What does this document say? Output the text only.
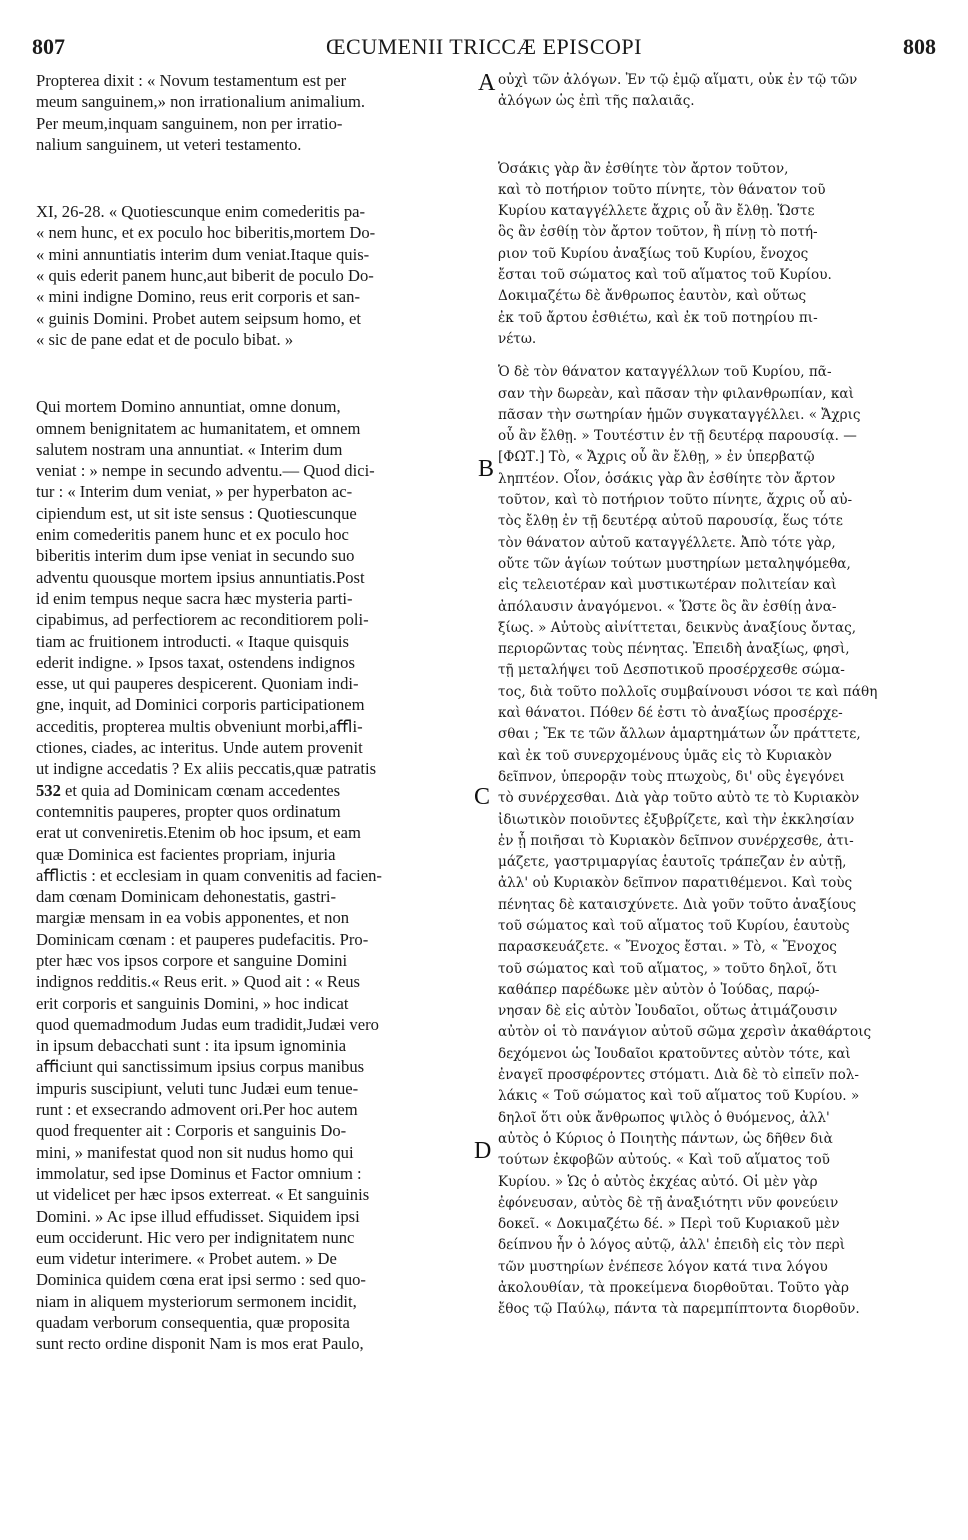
807	ŒCUMENII TRICCÆ EPISCOPI	808
A
B
C
D
Propterea dixit : « Novum testamentum est per
meum sanguinem,» non irrationalium animalium.
Per meum,inquam sanguinem, non per irratio-
nalium sanguinem, ut veteri testamento.
XI, 26-28. « Quotiescunque enim comederitis pa-
« nem hunc, et ex poculo hoc biberitis,mortem Do-
« mini annuntiatis interim dum veniat.Itaque quis-
« quis ederit panem hunc,aut biberit de poculo Do-
« mini indigne Domino, reus erit corporis et san-
« guinis Domini. Probet autem seipsum homo, et
« sic de pane edat et de poculo bibat. »
Qui mortem Domino annuntiat, omne donum,
omnem benignitatem ac humanitatem, et omnem
salutem nostram una annuntiat. « Interim dum
veniat : » nempe in secundo adventu.— Quod dici-
tur : « Interim dum veniat, » per hyperbaton ac-
cipiendum est, ut sit iste sensus : Quotiescunque
enim comederitis panem hunc et ex poculo hoc
biberitis interim dum ipse veniat in secundo suo
adventu quousque mortem ipsius annuntiatis.Post
id enim tempus neque sacra hæc mysteria parti-
cipabimus, ad perfectiorem ac reconditiorem poli-
tiam ac fruitionem introducti. « Itaque quisquis
ederit indigne. » Ipsos taxat, ostendens indignos
esse, ut qui pauperes despicerent. Quoniam indi-
gne, inquit, ad Dominici corporis participationem
acceditis, propterea multis obveniunt morbi,aﬄi-
ctiones, ciades, ac interitus. Unde autem provenit
ut indigne accedatis ? Ex aliis peccatis,quæ patratis
532 et quia ad Dominicam cœnam accedentes
contemnitis pauperes, propter quos ordinatum
erat ut conveniretis.Etenim ob hoc ipsum, et eam
quæ Dominica est facientes propriam, injuria
aﬄictis : et ecclesiam in quam convenitis ad facien-
dam cœnam Dominicam dehonestatis, gastri-
margiæ mensam in ea vobis apponentes, et non
Dominicam cœnam : et pauperes pudefacitis. Pro-
pter hæc vos ipsos corpore et sanguine Domini
indignos redditis.« Reus erit. » Quod ait : « Reus
erit corporis et sanguinis Domini, » hoc indicat
quod quemadmodum Judas eum tradidit,Judæi vero
in ipsum debacchati sunt : ita ipsum ignominia
aﬃciunt qui sanctissimum ipsius corpus manibus
impuris suscipiunt, veluti tunc Judæi eum tenue-
runt : et exsecrando admovent ori.Per hoc autem
quod frequenter ait : Corporis et sanguinis Do-
mini, » manifestat quod non sit nudus homo qui
immolatur, sed ipse Dominus et Factor omnium :
ut videlicet per hæc ipsos exterreat. « Et sanguinis
Domini. » Ac ipse illud effudisset. Siquidem ipsi
eum occiderunt. Hic vero per indignitatem nunc
eum videtur interimere. « Probet autem. » De
Dominica quidem cœna erat ipsi sermo : sed quo-
niam in aliquem mysteriorum sermonem incidit,
quadam verborum consequentia, quæ proposita
sunt recto ordine disponit Nam is mos erat Paulo,
οὐχὶ τῶν ἀλόγων. Ἐν τῷ ἐμῷ αἵματι, οὐκ ἐν τῷ τῶν
ἀλόγων ὡς ἐπὶ τῆς παλαιᾶς.
Ὁσάκις γὰρ ἂν ἐσθίητε τὸν ἄρτον τοῦτον,
καὶ τὸ ποτήριον τοῦτο πίνητε, τὸν θάνατον τοῦ
Κυρίου καταγγέλλετε ἄχρις οὗ ἂν ἔλθῃ. Ὥστε
ὃς ἂν ἐσθίῃ τὸν ἄρτον τοῦτον, ἢ πίνῃ τὸ ποτή-
ριον τοῦ Κυρίου ἀναξίως τοῦ Κυρίου, ἔνοχος
ἔσται τοῦ σώματος καὶ τοῦ αἵματος τοῦ Κυρίου.
Δοκιμαζέτω δὲ ἄνθρωπος ἑαυτὸν, καὶ οὕτως
ἐκ τοῦ ἄρτου ἐσθιέτω, καὶ ἐκ τοῦ ποτηρίου πι-
νέτω.
Ὁ δὲ τὸν θάνατον καταγγέλλων τοῦ Κυρίου, πᾶ-
σαν τὴν δωρεὰν, καὶ πᾶσαν τὴν φιλανθρωπίαν, καὶ
πᾶσαν τὴν σωτηρίαν ἡμῶν συγκαταγγέλλει. « Ἄχρις
οὗ ἂν ἔλθῃ. » Τουτέστιν ἐν τῇ δευτέρᾳ παρουσίᾳ. —
[ΦΩΤ.] Τὸ, « Ἄχρις οὗ ἂν ἔλθῃ, » ἐν ὑπερβατῷ
ληπτέον. Οἷον, ὁσάκις γὰρ ἂν ἐσθίητε τὸν ἄρτον
τοῦτον, καὶ τὸ ποτήριον τοῦτο πίνητε, ἄχρις οὗ αὐ-
τὸς ἔλθῃ ἐν τῇ δευτέρᾳ αὐτοῦ παρουσίᾳ, ἕως τότε
τὸν θάνατον αὐτοῦ καταγγέλλετε. Ἀπὸ τότε γὰρ,
οὔτε τῶν ἁγίων τούτων μυστηρίων μεταληψόμεθα,
εἰς τελειοτέραν καὶ μυστικωτέραν πολιτείαν καὶ
ἀπόλαυσιν ἀναγόμενοι. « Ὥστε ὃς ἂν ἐσθίῃ ἀνα-
ξίως. » Αὐτοὺς αἰνίττεται, δεικνὺς ἀναξίους ὄντας,
περιορῶντας τοὺς πένητας. Ἐπειδὴ ἀναξίως, φησὶ,
τῇ μεταλήψει τοῦ Δεσποτικοῦ προσέρχεσθε σώμα-
τος, διὰ τοῦτο πολλοῖς συμβαίνουσι νόσοι τε καὶ πάθη
καὶ θάνατοι. Πόθεν δέ ἐστι τὸ ἀναξίως προσέρχε-
σθαι ; Ἔκ τε τῶν ἄλλων ἁμαρτημάτων ὧν πράττετε,
καὶ ἐκ τοῦ συνερχομένους ὑμᾶς εἰς τὸ Κυριακὸν
δεῖπνον, ὑπερορᾷν τοὺς πτωχοὺς, δι' οὓς ἐγεγόνει
τὸ συνέρχεσθαι. Διὰ γὰρ τοῦτο αὐτὸ τε τὸ Κυριακὸν
ἰδιωτικὸν ποιοῦντες ἐξυβρίζετε, καὶ τὴν ἐκκλησίαν
ἐν ᾗ ποιῆσαι τὸ Κυριακὸν δεῖπνον συνέρχεσθε, ἀτι-
μάζετε, γαστριμαργίας ἑαυτοῖς τράπεζαν ἐν αὐτῇ,
ἀλλ' οὐ Κυριακὸν δεῖπνον παρατιθέμενοι. Καὶ τοὺς
πένητας δὲ καταισχύνετε. Διὰ γοῦν τοῦτο ἀναξίους
τοῦ σώματος καὶ τοῦ αἵματος τοῦ Κυρίου, ἑαυτοὺς
παρασκευάζετε. « Ἔνοχος ἔσται. » Τὸ, « Ἔνοχος
τοῦ σώματος καὶ τοῦ αἵματος, » τοῦτο δηλοῖ, ὅτι
καθάπερ παρέδωκε μὲν αὐτὸν ὁ Ἰούδας, παρῴ-
νησαν δὲ εἰς αὐτὸν Ἰουδαῖοι, οὕτως ἀτιμάζουσιν
αὐτὸν οἱ τὸ πανάγιον αὐτοῦ σῶμα χερσὶν ἀκαθάρτοις
δεχόμενοι ὡς Ἰουδαῖοι κρατοῦντες αὐτὸν τότε, καὶ
ἐναγεῖ προσφέροντες στόματι. Διὰ δὲ τὸ εἰπεῖν πολ-
λάκις « Τοῦ σώματος καὶ τοῦ αἵματος τοῦ Κυρίου. »
δηλοῖ ὅτι οὐκ ἄνθρωπος ψιλὸς ὁ θυόμενος, ἀλλ'
αὐτὸς ὁ Κύριος ὁ Ποιητὴς πάντων, ὡς δῆθεν διὰ
τούτων ἐκφοβῶν αὐτούς. « Καὶ τοῦ αἵματος τοῦ
Κυρίου. » Ὡς ὁ αὐτὸς ἐκχέας αὐτό. Οἱ μὲν γὰρ
ἐφόνευσαν, αὐτὸς δὲ τῇ ἀναξιότητι νῦν φονεύειν
δοκεῖ. « Δοκιμαζέτω δέ. » Περὶ τοῦ Κυριακοῦ μὲν
δείπνου ἦν ὁ λόγος αὐτῷ, ἀλλ' ἐπειδὴ εἰς τὸν περὶ
τῶν μυστηρίων ἐνέπεσε λόγον κατά τινα λόγου
ἀκολουθίαν, τὰ προκείμενα διορθοῦται. Τοῦτο γὰρ
ἔθος τῷ Παύλῳ, πάντα τὰ παρεμπίπτοντα διορθοῦν.
